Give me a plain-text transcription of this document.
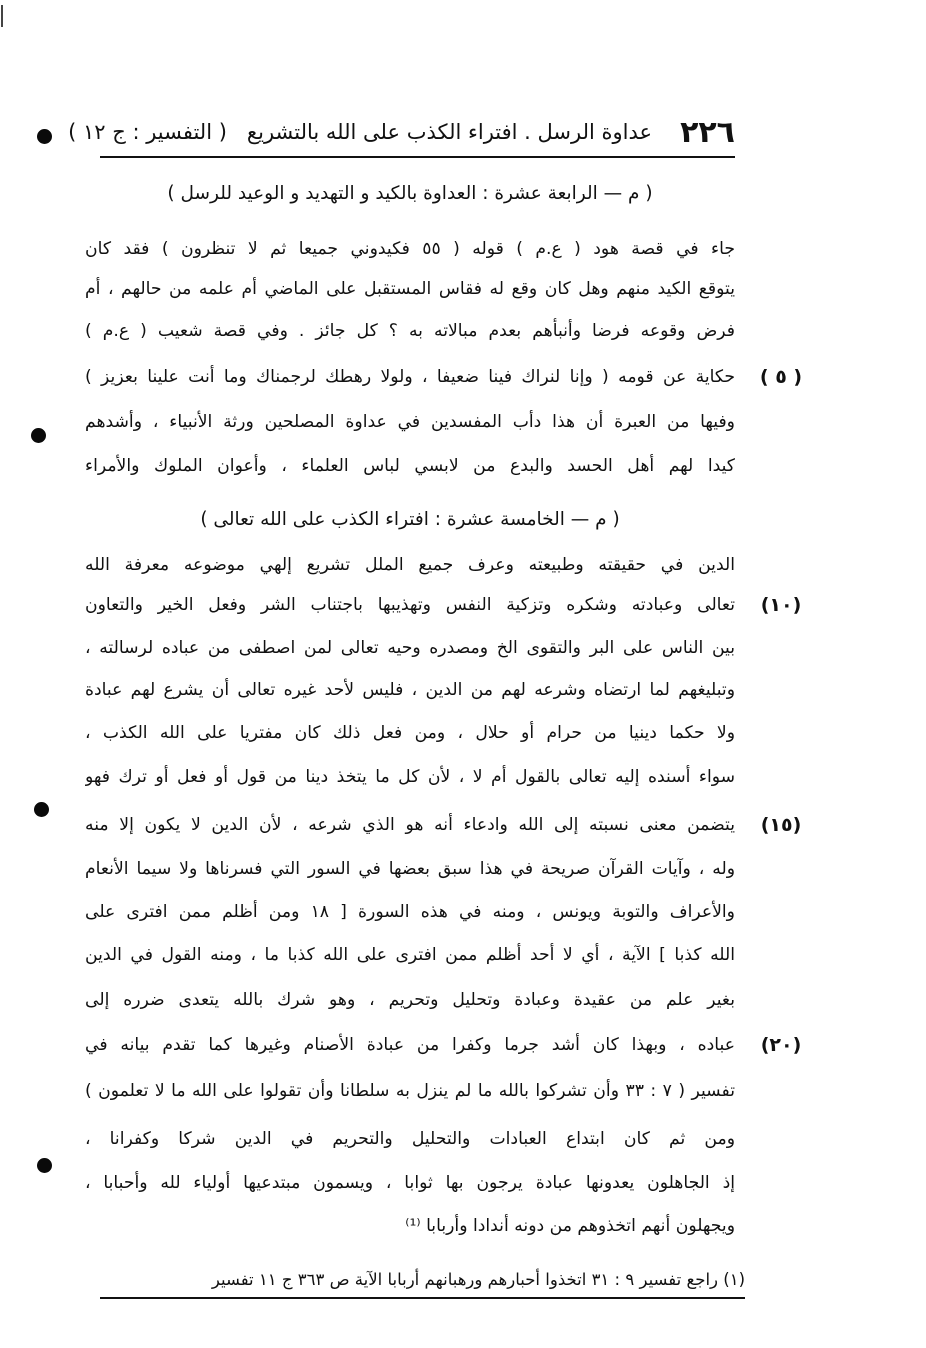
٢٢٦
عداوة الرسل . افتراء الكذب على الله بالتشريع
( التفسير : ج ١٢ )
( م — الرابعة عشرة : العداوة بالكيد و التهديد و الوعيد للرسل )
جاء في قصة هود ( ع.م ) قوله ( ٥٥ فكيدوني جميعا ثم لا تنظرون ) فقد كان
يتوقع الكيد منهم وهل كان وقع له فقاس المستقبل على الماضي أم علمه من حالهم ، أم
فرض وقوعه فرضا وأنبأهم بعدم مبالاته به ؟ كل جائز . وفي قصة شعيب ( ع.م )
حكاية عن قومه ( وإنا لنراك فينا ضعيفا ، ولولا رهطك لرجمناك وما أنت علينا بعزيز )
وفيها من العبرة أن هذا دأب المفسدين في عداوة المصلحين ورثة الأنبياء ، وأشدهم
كيدا لهم أهل الحسد والبدع من لابسي لباس العلماء ، وأعوان الملوك والأمراء
( م — الخامسة عشرة : افتراء الكذب على الله تعالى )
الدين في حقيقته وطبيعته وعرف جميع الملل تشريع إلهي موضوعه معرفة الله
تعالى وعبادته وشكره وتزكية النفس وتهذيبها باجتناب الشر وفعل الخير والتعاون
بين الناس على البر والتقوى الخ ومصدره وحيه تعالى لمن اصطفى من عباده لرسالته ،
وتبليغهم لما ارتضاه وشرعه لهم من الدين ، فليس لأحد غيره تعالى أن يشرع لهم عبادة
ولا حكما دينيا من حرام أو حلال ، ومن فعل ذلك كان مفتريا على الله الكذب ،
سواء أسنده إليه تعالى بالقول أم لا ، لأن كل ما يتخذ دينا من قول أو فعل أو ترك فهو
يتضمن معنى نسبته إلى الله وادعاء أنه هو الذي شرعه ، لأن الدين لا يكون إلا منه
وله ، وآيات القرآن صريحة في هذا سبق بعضها في السور التي فسرناها ولا سيما الأنعام
والأعراف والتوبة ويونس ، ومنه في هذه السورة [ ١٨ ومن أظلم ممن افترى على
الله كذبا ] الآية ، أي لا أحد أظلم ممن افترى على الله كذبا ما ، ومنه القول في الدين
بغير علم من عقيدة وعبادة وتحليل وتحريم ، وهو شرك بالله يتعدى ضرره إلى
عباده ، وبهذا كان أشد جرما وكفرا من عبادة الأصنام وغيرها كما تقدم بيانه في
تفسير ( ٧ : ٣٣ وأن تشركوا بالله ما لم ينزل به سلطانا وأن تقولوا على الله ما لا تعلمون )
ومن ثم كان ابتداع العبادات والتحليل والتحريم في الدين شركا وكفرانا ،
إذ الجاهلون يعدونها عبادة يرجون بها ثوابا ، ويسمون مبتدعيها أولياء لله وأحبابا ،
ويجهلون أنهم اتخذوهم من دونه أندادا وأربابا ⁽¹⁾
( ٥ )
(١٠)
(١٥)
(٢٠)
(١) راجع تفسير ٩ : ٣١ اتخذوا أحبارهم ورهبانهم أربابا الآية ص ٣٦٣ ج ١١ تفسير
